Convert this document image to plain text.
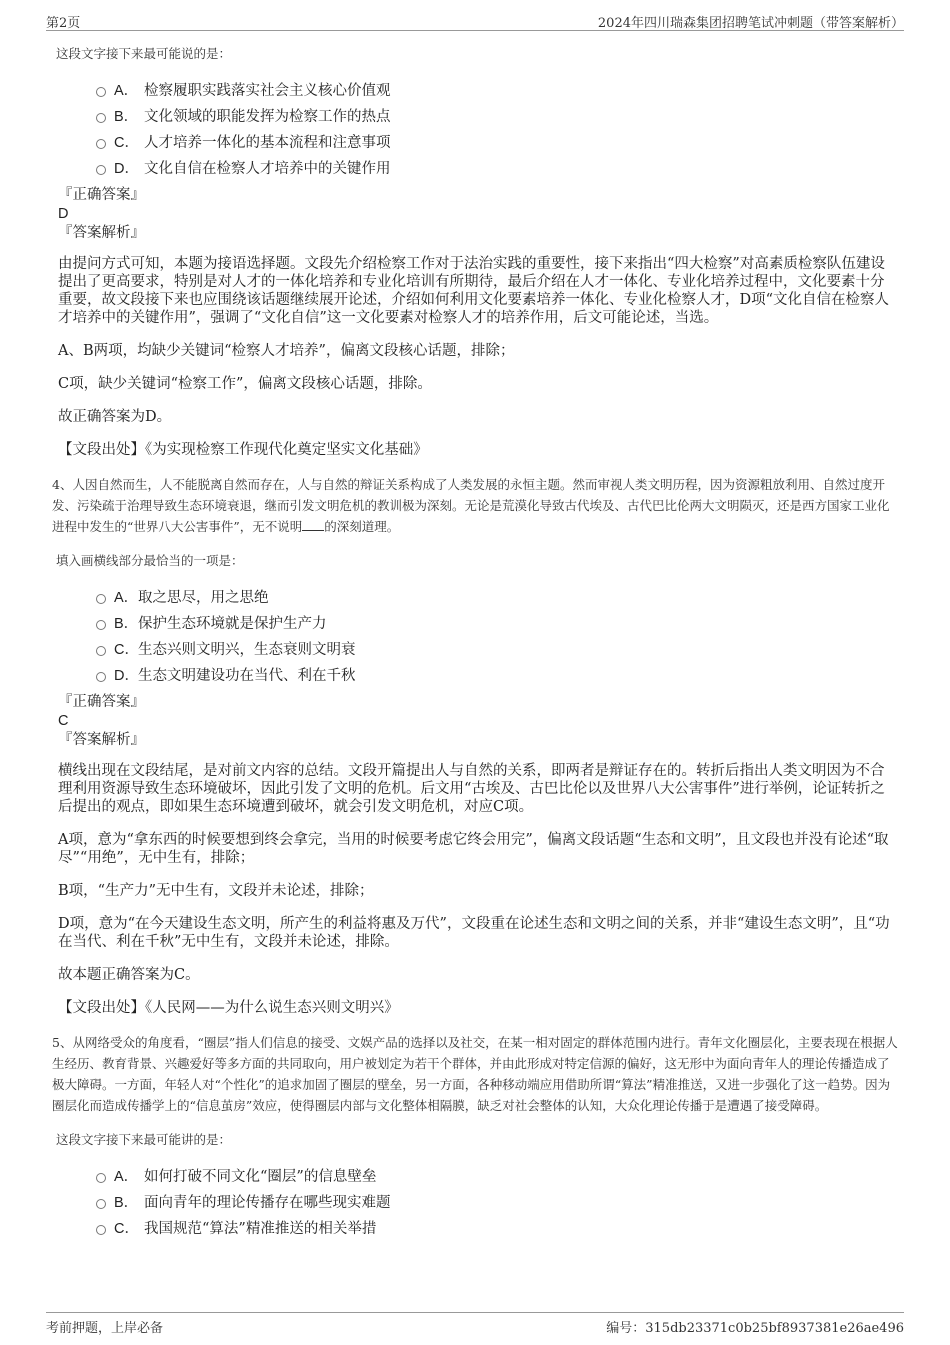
第2页	2024年四川瑞森集团招聘笔试冲刺题（带答案解析）
这段文字接下来最可能说的是：
A． 检察履职实践落实社会主义核心价值观
B． 文化领域的职能发挥为检察工作的热点
C． 人才培养一体化的基本流程和注意事项
D． 文化自信在检察人才培养中的关键作用
『正确答案』
D
『答案解析』
由提问方式可知，本题为接语选择题。文段先介绍检察工作对于法治实践的重要性，接下来指出“四大检察”对高素质检察队伍建设提出了更高要求，特别是对人才的一体化培养和专业化培训有所期待，最后介绍在人才一体化、专业化培养过程中，文化要素十分重要，故文段接下来也应围绕该话题继续展开论述，介绍如何利用文化要素培养一体化、专业化检察人才，D项“文化自信在检察人才培养中的关键作用”，强调了“文化自信”这一文化要素对检察人才的培养作用，后文可能论述，当选。
A、B两项，均缺少关键词“检察人才培养”，偏离文段核心话题，排除；
C项，缺少关键词“检察工作”，偏离文段核心话题，排除。
故正确答案为D。
【文段出处】《为实现检察工作现代化奠定坚实文化基础》
4、人因自然而生，人不能脱离自然而存在，人与自然的辩证关系构成了人类发展的永恒主题。然而审视人类文明历程，因为资源粗放利用、自然过度开发、污染疏于治理导致生态环境衰退，继而引发文明危机的教训极为深刻。无论是荒漠化导致古代埃及、古代巴比伦两大文明陨灭，还是西方国家工业化进程中发生的“世界八大公害事件”，无不说明 的深刻道理。
填入画横线部分最恰当的一项是：
A． 取之思尽，用之思绝
B． 保护生态环境就是保护生产力
C． 生态兴则文明兴，生态衰则文明衰
D． 生态文明建设功在当代、利在千秋
『正确答案』
C
『答案解析』
横线出现在文段结尾，是对前文内容的总结。文段开篇提出人与自然的关系，即两者是辩证存在的。转折后指出人类文明因为不合理利用资源导致生态环境破坏，因此引发了文明的危机。后文用“古埃及、古巴比伦以及世界八大公害事件”进行举例，论证转折之后提出的观点，即如果生态环境遭到破坏，就会引发文明危机，对应C项。
A项，意为“拿东西的时候要想到终会拿完，当用的时候要考虑它终会用完”，偏离文段话题“生态和文明”，且文段也并没有论述“取尽”“用绝”，无中生有，排除；
B项，“生产力”无中生有，文段并未论述，排除；
D项，意为“在今天建设生态文明，所产生的利益将惠及万代”，文段重在论述生态和文明之间的关系，并非“建设生态文明”，且“功在当代、利在千秋”无中生有，文段并未论述，排除。
故本题正确答案为C。
【文段出处】《人民网——为什么说生态兴则文明兴》
5、从网络受众的角度看，“圈层”指人们信息的接受、文娱产品的选择以及社交，在某一相对固定的群体范围内进行。青年文化圈层化，主要表现在根据人生经历、教育背景、兴趣爱好等多方面的共同取向，用户被划定为若干个群体，并由此形成对特定信源的偏好，这无形中为面向青年人的理论传播造成了极大障碍。一方面，年轻人对“个性化”的追求加固了圈层的壁垒，另一方面，各种移动端应用借助所谓“算法”精准推送，又进一步强化了这一趋势。因为圈层化而造成传播学上的“信息茧房”效应，使得圈层内部与文化整体相隔膜，缺乏对社会整体的认知，大众化理论传播于是遭遇了接受障碍。
这段文字接下来最可能讲的是：
A． 如何打破不同文化“圈层”的信息壁垒
B． 面向青年的理论传播存在哪些现实难题
C． 我国规范“算法”精准推送的相关举措
考前押题，上岸必备	编号：315db23371c0b25bf8937381e26ae496
